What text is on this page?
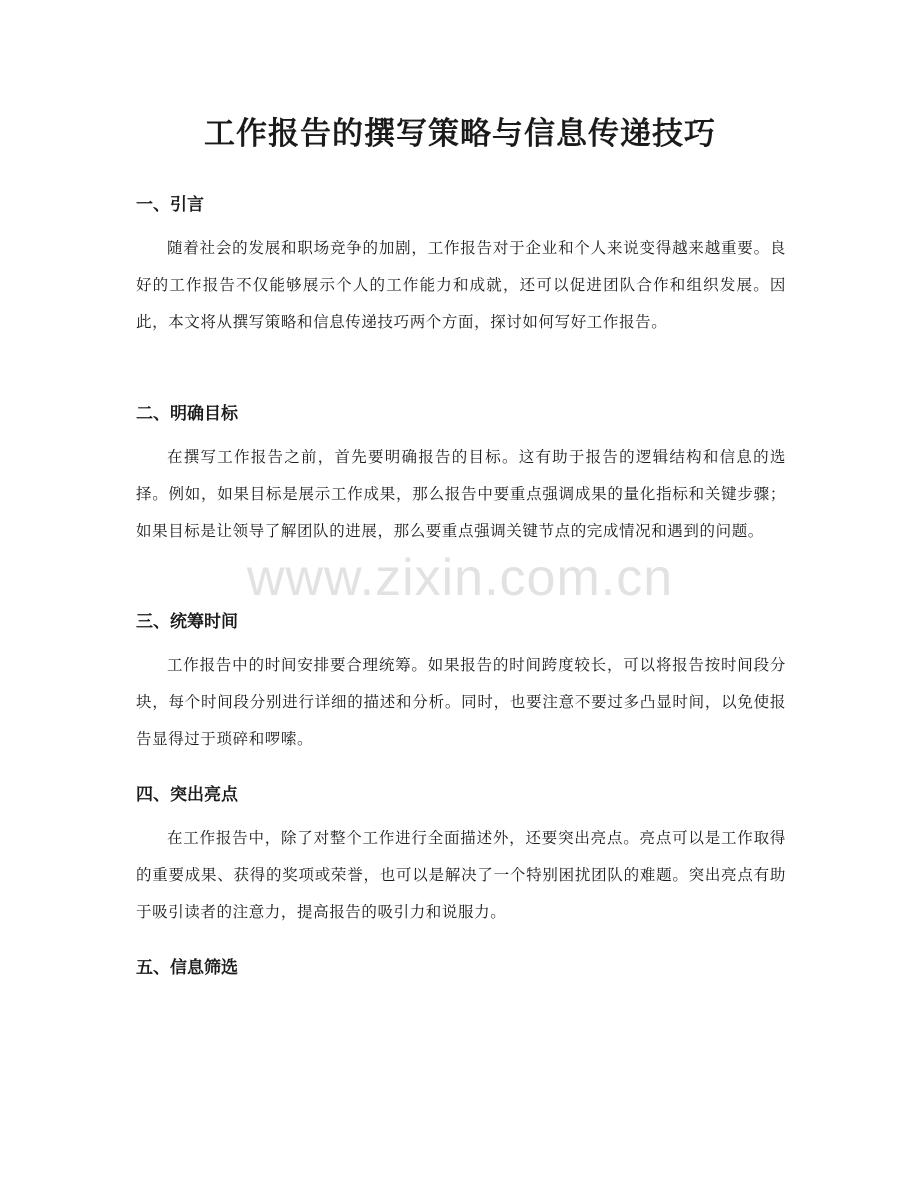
工作报告的撰写策略与信息传递技巧
一、引言

随着社会的发展和职场竞争的加剧，工作报告对于企业和个人来说变得越来越重要。良好的工作报告不仅能够展示个人的工作能力和成就，还可以促进团队合作和组织发展。因此，本文将从撰写策略和信息传递技巧两个方面，探讨如何写好工作报告。

二、明确目标

在撰写工作报告之前，首先要明确报告的目标。这有助于报告的逻辑结构和信息的选择。例如，如果目标是展示工作成果，那么报告中要重点强调成果的量化指标和关键步骤；如果目标是让领导了解团队的进展，那么要重点强调关键节点的完成情况和遇到的问题。

三、统筹时间

工作报告中的时间安排要合理统筹。如果报告的时间跨度较长，可以将报告按时间段分块，每个时间段分别进行详细的描述和分析。同时，也要注意不要过多凸显时间，以免使报告显得过于琐碎和啰嗦。

四、突出亮点

在工作报告中，除了对整个工作进行全面描述外，还要突出亮点。亮点可以是工作取得的重要成果、获得的奖项或荣誉，也可以是解决了一个特别困扰团队的难题。突出亮点有助于吸引读者的注意力，提高报告的吸引力和说服力。

五、信息筛选
www.zixin.com.cn
